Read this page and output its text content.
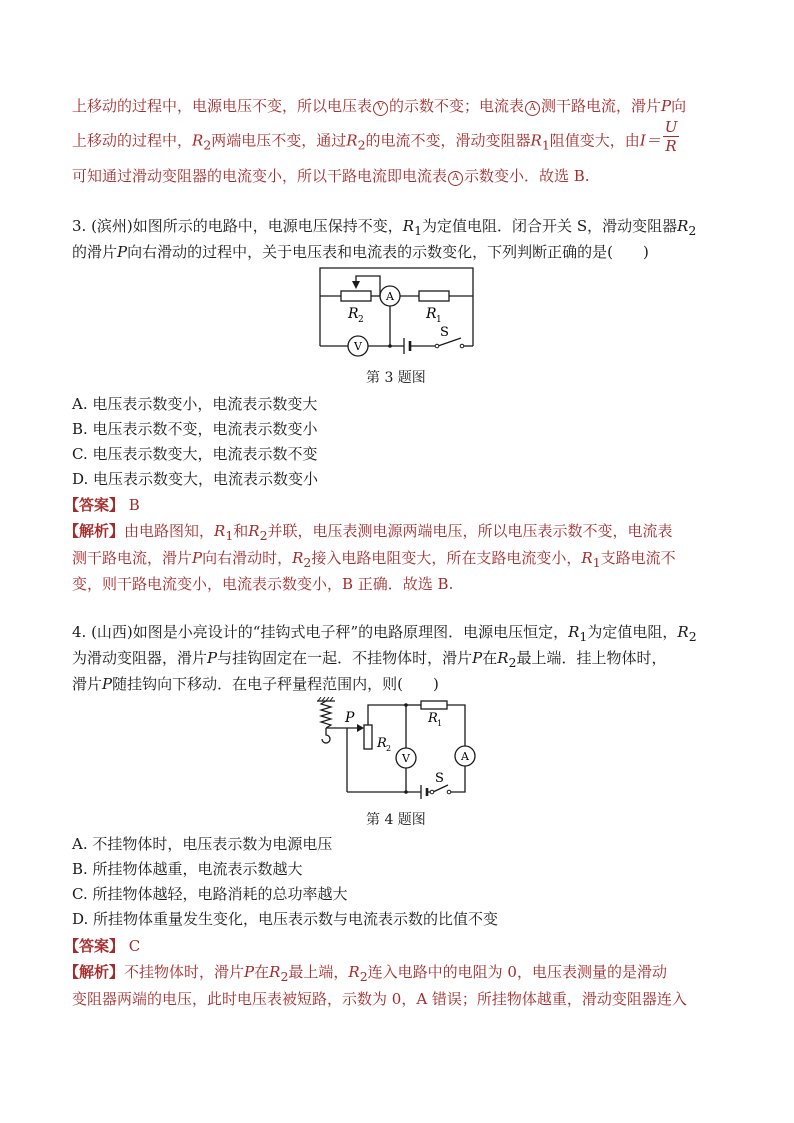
上移动的过程中，电源电压不变，所以电压表 V 的示数不变；电流表 A 测干路电流，滑片P向
上移动的过程中，$R_2$两端电压不变，通过$R_2$的电流不变，滑动变阻器$R_1$阻值变大，由$I= \frac{U}{R}$
可知通过滑动变阻器的电流变小，所以干路电流即电流表 A 示数变小．故选 B.
3. (滨州)如图所示的电路中，电源电压保持不变，$R_1$为定值电阻．闭合开关 S，滑动变阻器$R_2$
的滑片P向右滑动的过程中，关于电压表和电流表的示数变化，下列判断正确的是(　　)
R 2
A
R 1
S
V
第 3 题图
A. 电压表示数变小，电流表示数变大
B. 电压表示数不变，电流表示数变小
C. 电压表示数变大，电流表示数不变
D. 电压表示数变大，电流表示数变小
【答案】 B
【解析】由电路图知，$R_1$和$R_2$并联，电压表测电源两端电压，所以电压表示数不变，电流表
测干路电流，滑片P向右滑动时，$R_2$接入电路电阻变大，所在支路电流变小，$R_1$支路电流不
变，则干路电流变小，电流表示数变小，B 正确．故选 B.
4. (山西)如图是小亮设计的“挂钩式电子秤”的电路原理图．电源电压恒定，$R_1$为定值电阻，$R_2$
为滑动变阻器，滑片P与挂钩固定在一起．不挂物体时，滑片P在$R_2$最上端．挂上物体时，
滑片P随挂钩向下移动．在电子秤量程范围内，则(　　)
P
R 2
R 1
V	A
S
第 4 题图
A. 不挂物体时，电压表示数为电源电压
B. 所挂物体越重，电流表示数越大
C. 所挂物体越轻，电路消耗的总功率越大
D. 所挂物体重量发生变化，电压表示数与电流表示数的比值不变
【答案】 C
【解析】不挂物体时，滑片P在$R_2$最上端，$R_2$连入电路中的电阻为 0，电压表测量的是滑动
变阻器两端的电压，此时电压表被短路，示数为 0，A 错误；所挂物体越重，滑动变阻器连入
